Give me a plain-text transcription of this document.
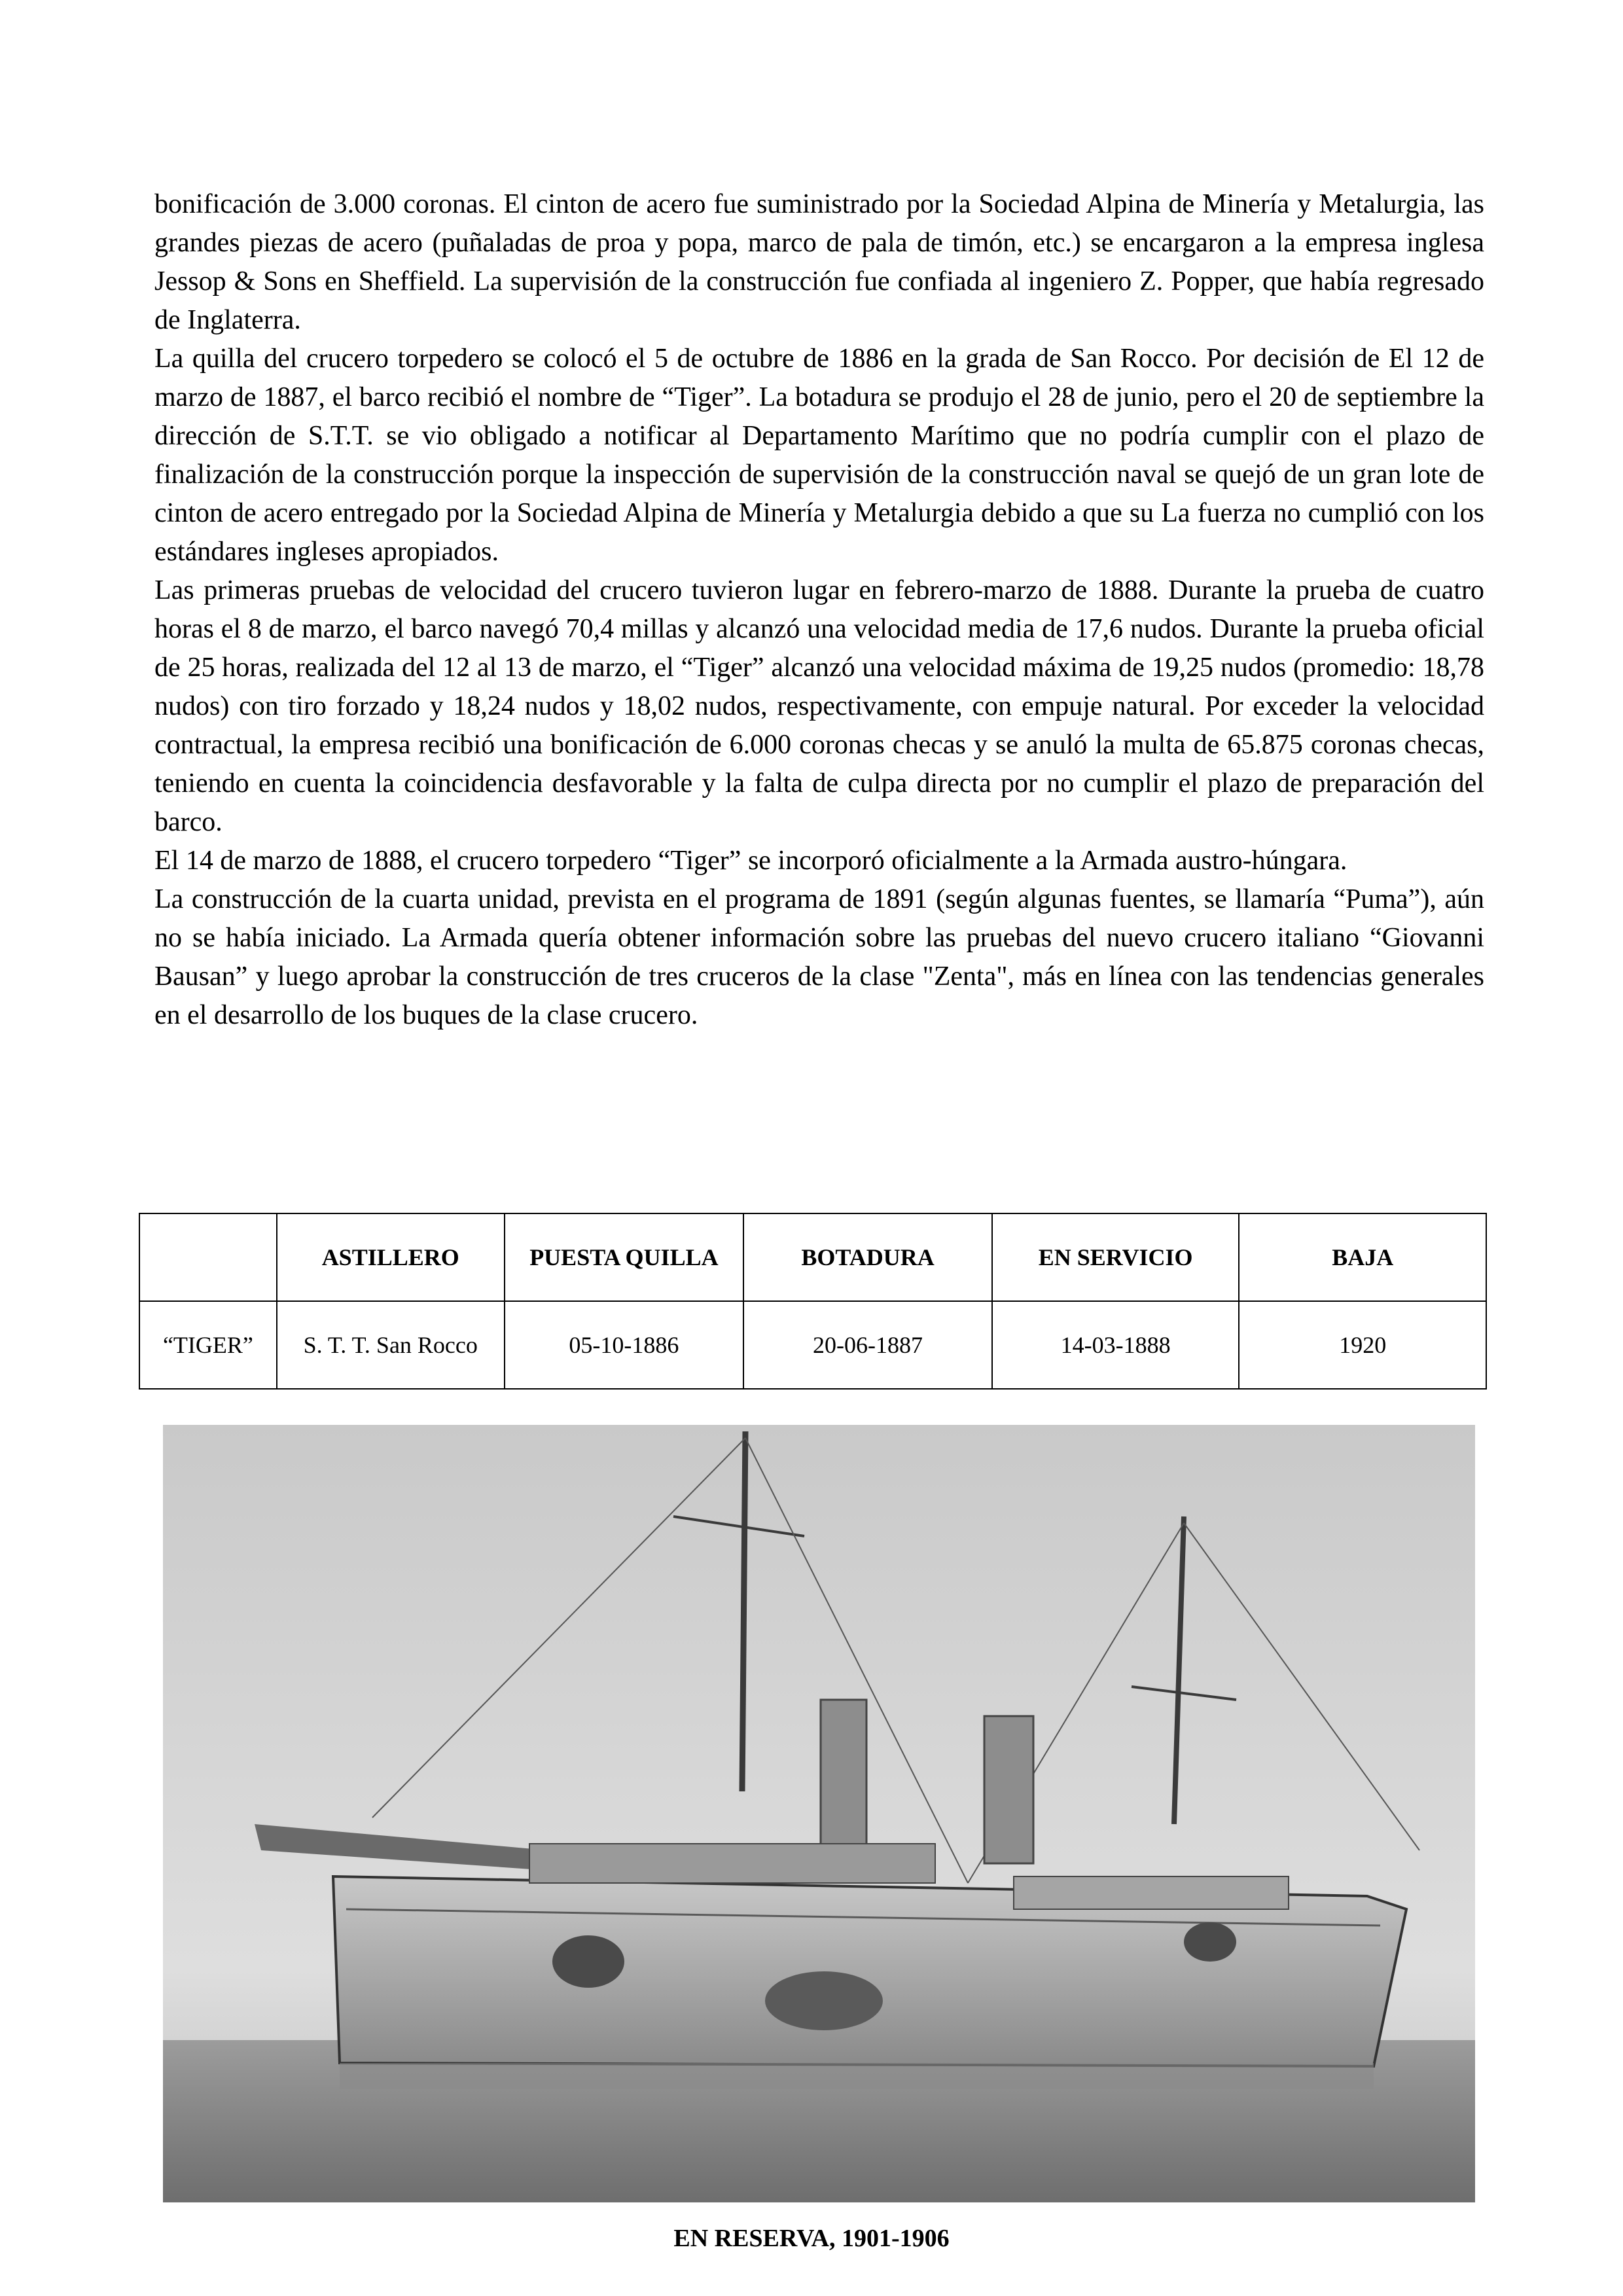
bonificación de 3.000 coronas. El cinton de acero fue suministrado por la Sociedad Alpina de Minería y Metalurgia, las grandes piezas de acero (puñaladas de proa y popa, marco de pala de timón, etc.) se encargaron a la empresa inglesa Jessop & Sons en Sheffield. La supervisión de la construcción fue confiada al ingeniero Z. Popper, que había regresado de Inglaterra.

La quilla del crucero torpedero se colocó el 5 de octubre de 1886 en la grada de San Rocco. Por decisión de El 12 de marzo de 1887, el barco recibió el nombre de “Tiger”. La botadura se produjo el 28 de junio, pero el 20 de septiembre la dirección de S.T.T. se vio obligado a notificar al Departamento Marítimo que no podría cumplir con el plazo de finalización de la construcción porque la inspección de supervisión de la construcción naval se quejó de un gran lote de cinton de acero entregado por la Sociedad Alpina de Minería y Metalurgia debido a que su La fuerza no cumplió con los estándares ingleses apropiados.

Las primeras pruebas de velocidad del crucero tuvieron lugar en febrero-marzo de 1888. Durante la prueba de cuatro horas el 8 de marzo, el barco navegó 70,4 millas y alcanzó una velocidad media de 17,6 nudos. Durante la prueba oficial de 25 horas, realizada del 12 al 13 de marzo, el “Tiger” alcanzó una velocidad máxima de 19,25 nudos (promedio: 18,78 nudos) con tiro forzado y 18,24 nudos y 18,02 nudos, respectivamente, con empuje natural. Por exceder la velocidad contractual, la empresa recibió una bonificación de 6.000 coronas checas y se anuló la multa de 65.875 coronas checas, teniendo en cuenta la coincidencia desfavorable y la falta de culpa directa por no cumplir el plazo de preparación del barco.

El 14 de marzo de 1888, el crucero torpedero “Tiger” se incorporó oficialmente a la Armada austro-húngara.

La construcción de la cuarta unidad, prevista en el programa de 1891 (según algunas fuentes, se llamaría “Puma”), aún no se había iniciado. La Armada quería obtener información sobre las pruebas del nuevo crucero italiano “Giovanni Bausan” y luego aprobar la construcción de tres cruceros de la clase "Zenta", más en línea con las tendencias generales en el desarrollo de los buques de la clase crucero.

	ASTILLERO	PUESTA QUILLA	BOTADURA	EN SERVICIO	BAJA
“TIGER”	S. T. T. San Rocco	05-10-1886	20-06-1887	14-03-1888	1920
EN RESERVA, 1901-1906
